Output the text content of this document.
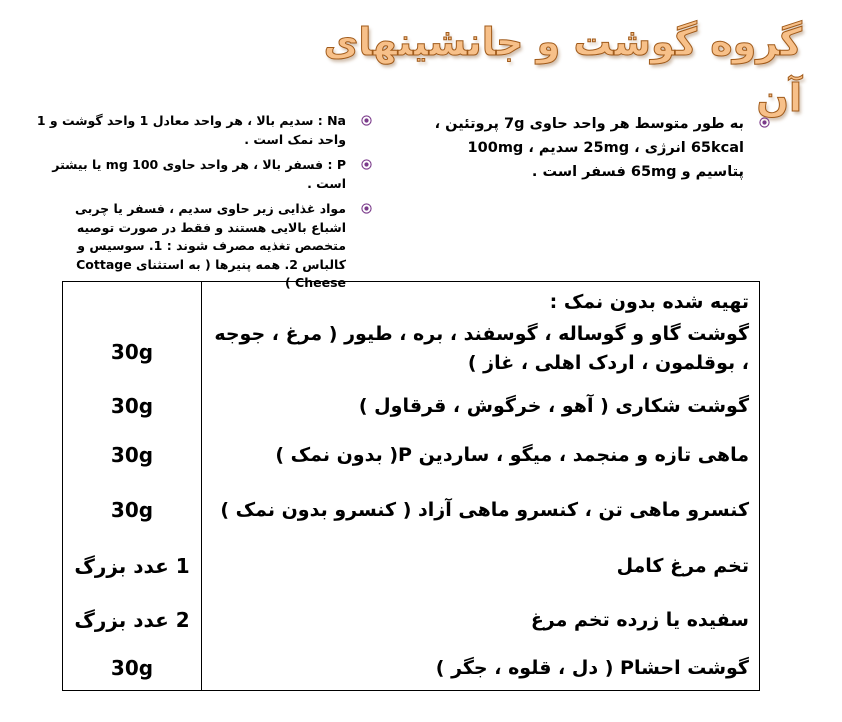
گروه گوشت و جانشینهای آن
به طور متوسط هر واحد حاوی 7g پروتئین ، 65kcal انرژی ، 25mg سدیم ، 100mg پتاسیم و 65mg فسفر است .
Na : سدیم بالا ، هر واحد معادل 1 واحد گوشت و 1 واحد نمک است .
P : فسفر بالا ، هر واحد حاوی 100 mg یا بیشتر است .
مواد غذایی زیر حاوی سدیم ، فسفر یا چربی اشباع بالایی هستند و فقط در صورت توصیه متخصص تغذیه مصرف شوند : 1. سوسیس و کالباس 2. همه پنیرها ( به استثنای Cottage Cheese )
تهیه شده بدون نمک :
گوشت گاو و گوساله ، گوسفند ، بره ، طیور ( مرغ ، جوجه ، بوقلمون ، اردک اهلی ، غاز )
30g
گوشت شکاری ( آهو ، خرگوش ، قرقاول )
30g
ماهی تازه و منجمد ، میگو ، ساردین P( بدون نمک )
30g
کنسرو ماهی تن ، کنسرو ماهی آزاد ( کنسرو بدون نمک )
30g
تخم مرغ کامل
1 عدد بزرگ
سفیده یا زرده تخم مرغ
2 عدد بزرگ
گوشت احشاP ( دل ، قلوه ، جگر )
30g
